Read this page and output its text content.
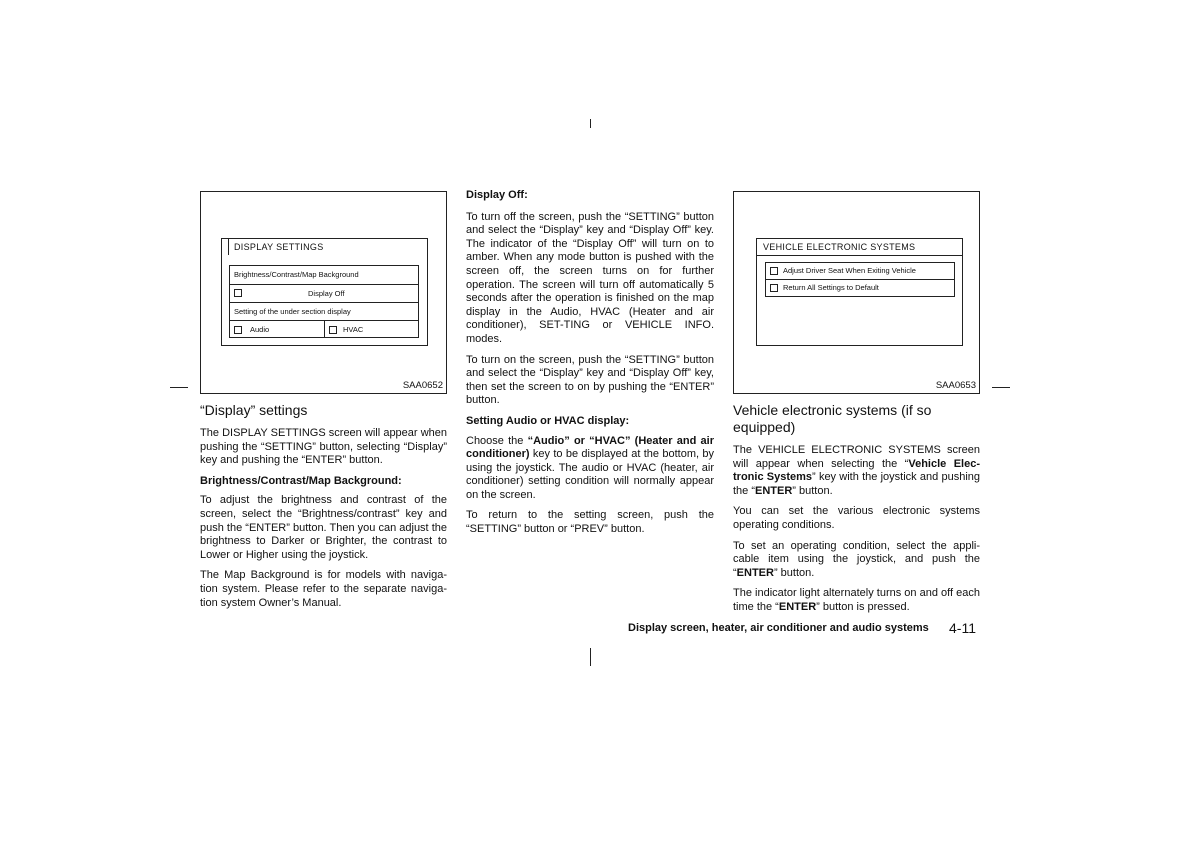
DISPLAY SETTINGS
Brightness/Contrast/Map Background
Display Off
Setting of the under section display
Audio	HVAC
SAA0652
VEHICLE ELECTRONIC SYSTEMS
Adjust Driver Seat When Exiting Vehicle
Return All Settings to Default
SAA0653
“Display” settings

The DISPLAY SETTINGS screen will appear when pushing the “SETTING” button, selecting “Display” key and pushing the “ENTER” button.

Brightness/Contrast/Map Background:

To adjust the brightness and contrast of the screen, select the “Brightness/contrast” key and push the “ENTER” button. Then you can adjust the brightness to Darker or Brighter, the contrast to Lower or Higher using the joystick.

The Map Background is for models with naviga-tion system. Please refer to the separate naviga-tion system Owner’s Manual.

Display Off:

To turn off the screen, push the “SETTING” button and select the “Display” key and “Display Off” key. The indicator of the “Display Off” will turn on to amber. When any mode button is pushed with the screen off, the screen turns on for further operation. The screen will turn off automatically 5 seconds after the operation is finished on the map display in the Audio, HVAC (Heater and air conditioner), SET-TING or VEHICLE INFO. modes.

To turn on the screen, push the “SETTING” button and select the “Display” key and “Display Off” key, then set the screen to on by pushing the “ENTER” button.

Setting Audio or HVAC display:

Choose the “Audio” or “HVAC” (Heater and air conditioner) key to be displayed at the bottom, by using the joystick. The audio or HVAC (heater, air conditioner) setting condition will normally appear on the screen.

To return to the setting screen, push the “SETTING” button or “PREV” button.

Vehicle electronic systems (if so equipped)

The VEHICLE ELECTRONIC SYSTEMS screen will appear when selecting the “Vehicle Elec-tronic Systems” key with the joystick and pushing the “ENTER” button.

You can set the various electronic systems operating conditions.

To set an operating condition, select the appli-cable item using the joystick, and push the “ENTER” button.

The indicator light alternately turns on and off each time the “ENTER” button is pressed.

Display screen, heater, air conditioner and audio systems 4-11
